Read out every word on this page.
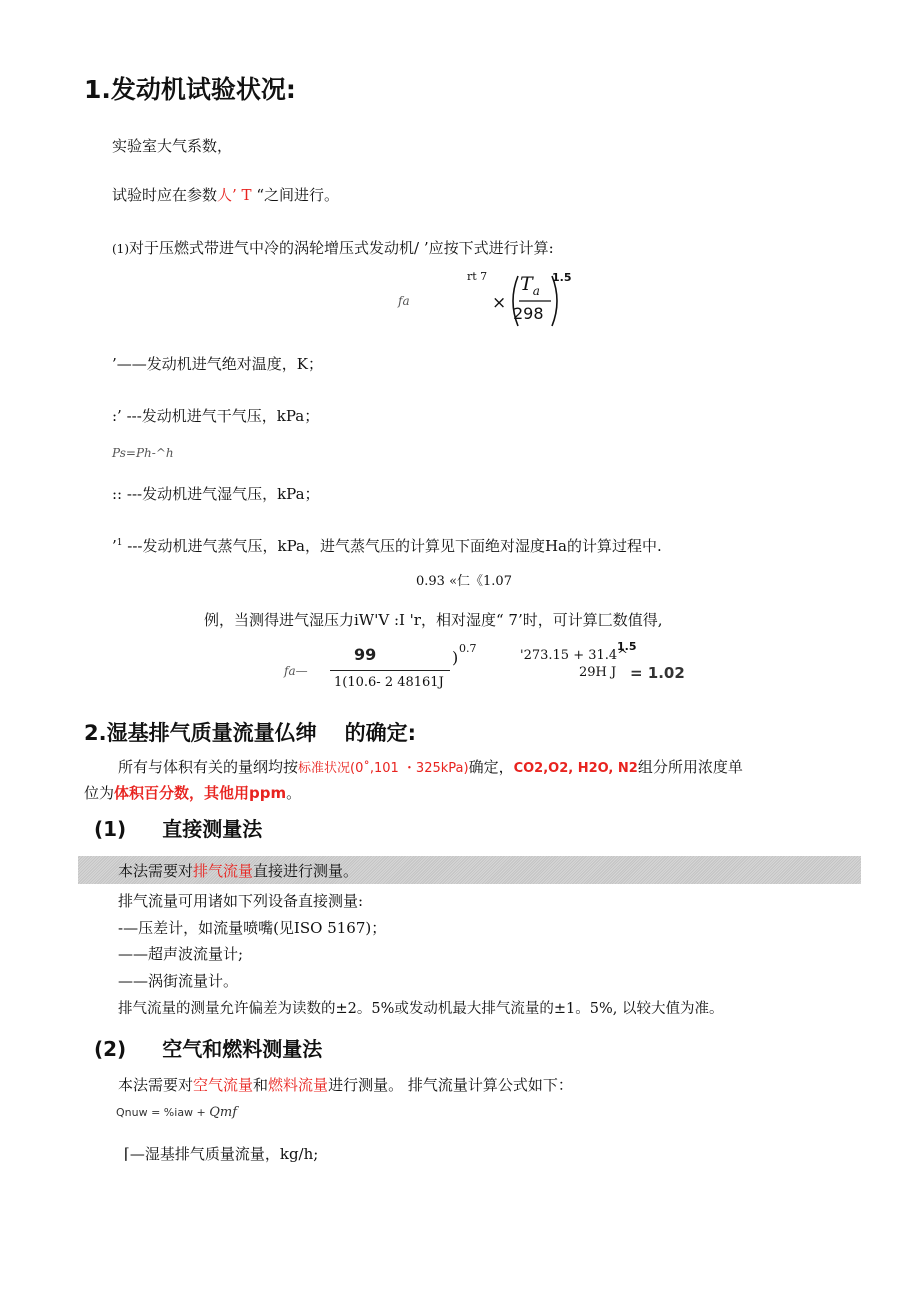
1.发动机试验状况:
实验室大气系数，
试验时应在参数人’ T “之间进行。
(1)对于压燃式带进气中冷的涡轮增压式发动机/ ’应按下式进行计算:
fa
rt 7
×
$T_a$
298
1.5
’——发动机进气绝对温度，K；
:’ ---发动机进气干气压，kPa；
Ps=Ph-^h
:: ---发动机进气湿气压，kPa；
’$^1$ ---发动机进气蒸气压，kPa，进气蒸气压的计算见下面绝对湿度Ha的计算过程中.
0.93 «仁《1.07
例，当测得进气湿压力iW'V :I 'r，相对湿度“ 7’时，可计算匚数值得,
fa—
99
1(10.6- 2 48161J
) 0.7	'273.15 + 31.4^
1.5
29H J = 1.02
2.湿基排气质量流量仏绅 的确定:
所有与体积有关的量纲均按标准状况(0˚,101 ・325kPa)确定，CO2,O2, H2O, N2组分所用浓度单
位为体积百分数，其他用ppm。
(1) 直接测量法
本法需要对排气流量直接进行测量。
排气流量可用诸如下列设备直接测量:
-—压差计，如流量喷嘴(见ISO 5167)；
——超声波流量计;
——涡街流量计。
排气流量的测量允许偏差为读数的±2。5%或发动机最大排气流量的±1。5%, 以较大值为准。
(2) 空气和燃料测量法
本法需要对空气流量和燃料流量进行测量。 排气流量计算公式如下：
Qnuw = %iaw + Qmf
⌈—湿基排气质量流量，kg/h;
